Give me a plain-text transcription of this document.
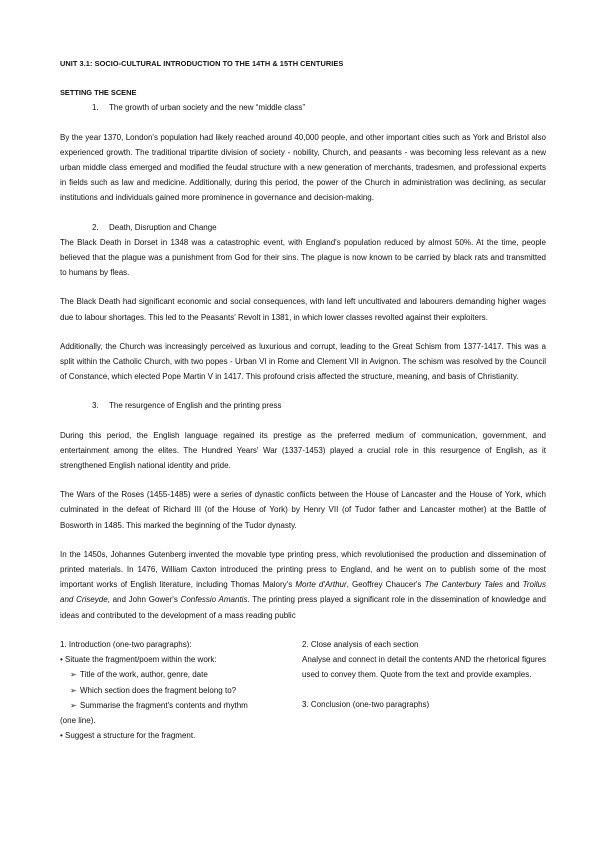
UNIT 3.1: SOCIO-CULTURAL INTRODUCTION TO THE 14TH & 15TH CENTURIES

SETTING THE SCENE

1. The growth of urban society and the new “middle class”

By the year 1370, London's population had likely reached around 40,000 people, and other important cities such as York and Bristol also experienced growth. The traditional tripartite division of society - nobility, Church, and peasants - was becoming less relevant as a new urban middle class emerged and modified the feudal structure with a new generation of merchants, tradesmen, and professional experts in fields such as law and medicine. Additionally, during this period, the power of the Church in administration was declining, as secular institutions and individuals gained more prominence in governance and decision-making.

2. Death, Disruption and Change

The Black Death in Dorset in 1348 was a catastrophic event, with England's population reduced by almost 50%. At the time, people believed that the plague was a punishment from God for their sins. The plague is now known to be carried by black rats and transmitted to humans by fleas.

The Black Death had significant economic and social consequences, with land left uncultivated and labourers demanding higher wages due to labour shortages. This led to the Peasants' Revolt in 1381, in which lower classes revolted against their exploiters.

Additionally, the Church was increasingly perceived as luxurious and corrupt, leading to the Great Schism from 1377-1417. This was a split within the Catholic Church, with two popes - Urban VI in Rome and Clement VII in Avignon. The schism was resolved by the Council of Constance, which elected Pope Martin V in 1417. This profound crisis affected the structure, meaning, and basis of Christianity.

3. The resurgence of English and the printing press

During this period, the English language regained its prestige as the preferred medium of communication, government, and entertainment among the elites. The Hundred Years' War (1337-1453) played a crucial role in this resurgence of English, as it strengthened English national identity and pride.

The Wars of the Roses (1455-1485) were a series of dynastic conflicts between the House of Lancaster and the House of York, which culminated in the defeat of Richard III (of the House of York) by Henry VII (of Tudor father and Lancaster mother) at the Battle of Bosworth in 1485. This marked the beginning of the Tudor dynasty.

In the 1450s, Johannes Gutenberg invented the movable type printing press, which revolutionised the production and dissemination of printed materials. In 1476, William Caxton introduced the printing press to England, and he went on to publish some of the most important works of English literature, including Thomas Malory's Morte d'Arthur, Geoffrey Chaucer's The Canterbury Tales and Troilus and Criseyde, and John Gower's Confessio Amantis. The printing press played a significant role in the dissemination of knowledge and ideas and contributed to the development of a mass reading public

1. Introduction (one-two paragraphs):

• Situate the fragment/poem within the work:

➢ Title of the work, author, genre, date

➢ Which section does the fragment belong to?

➢ Summarise the fragment's contents and rhythm

(one line).

• Suggest a structure for the fragment.

2. Close analysis of each section

Analyse and connect in detail the contents AND the rhetorical figures used to convey them. Quote from the text and provide examples.

3. Conclusion (one-two paragraphs)
